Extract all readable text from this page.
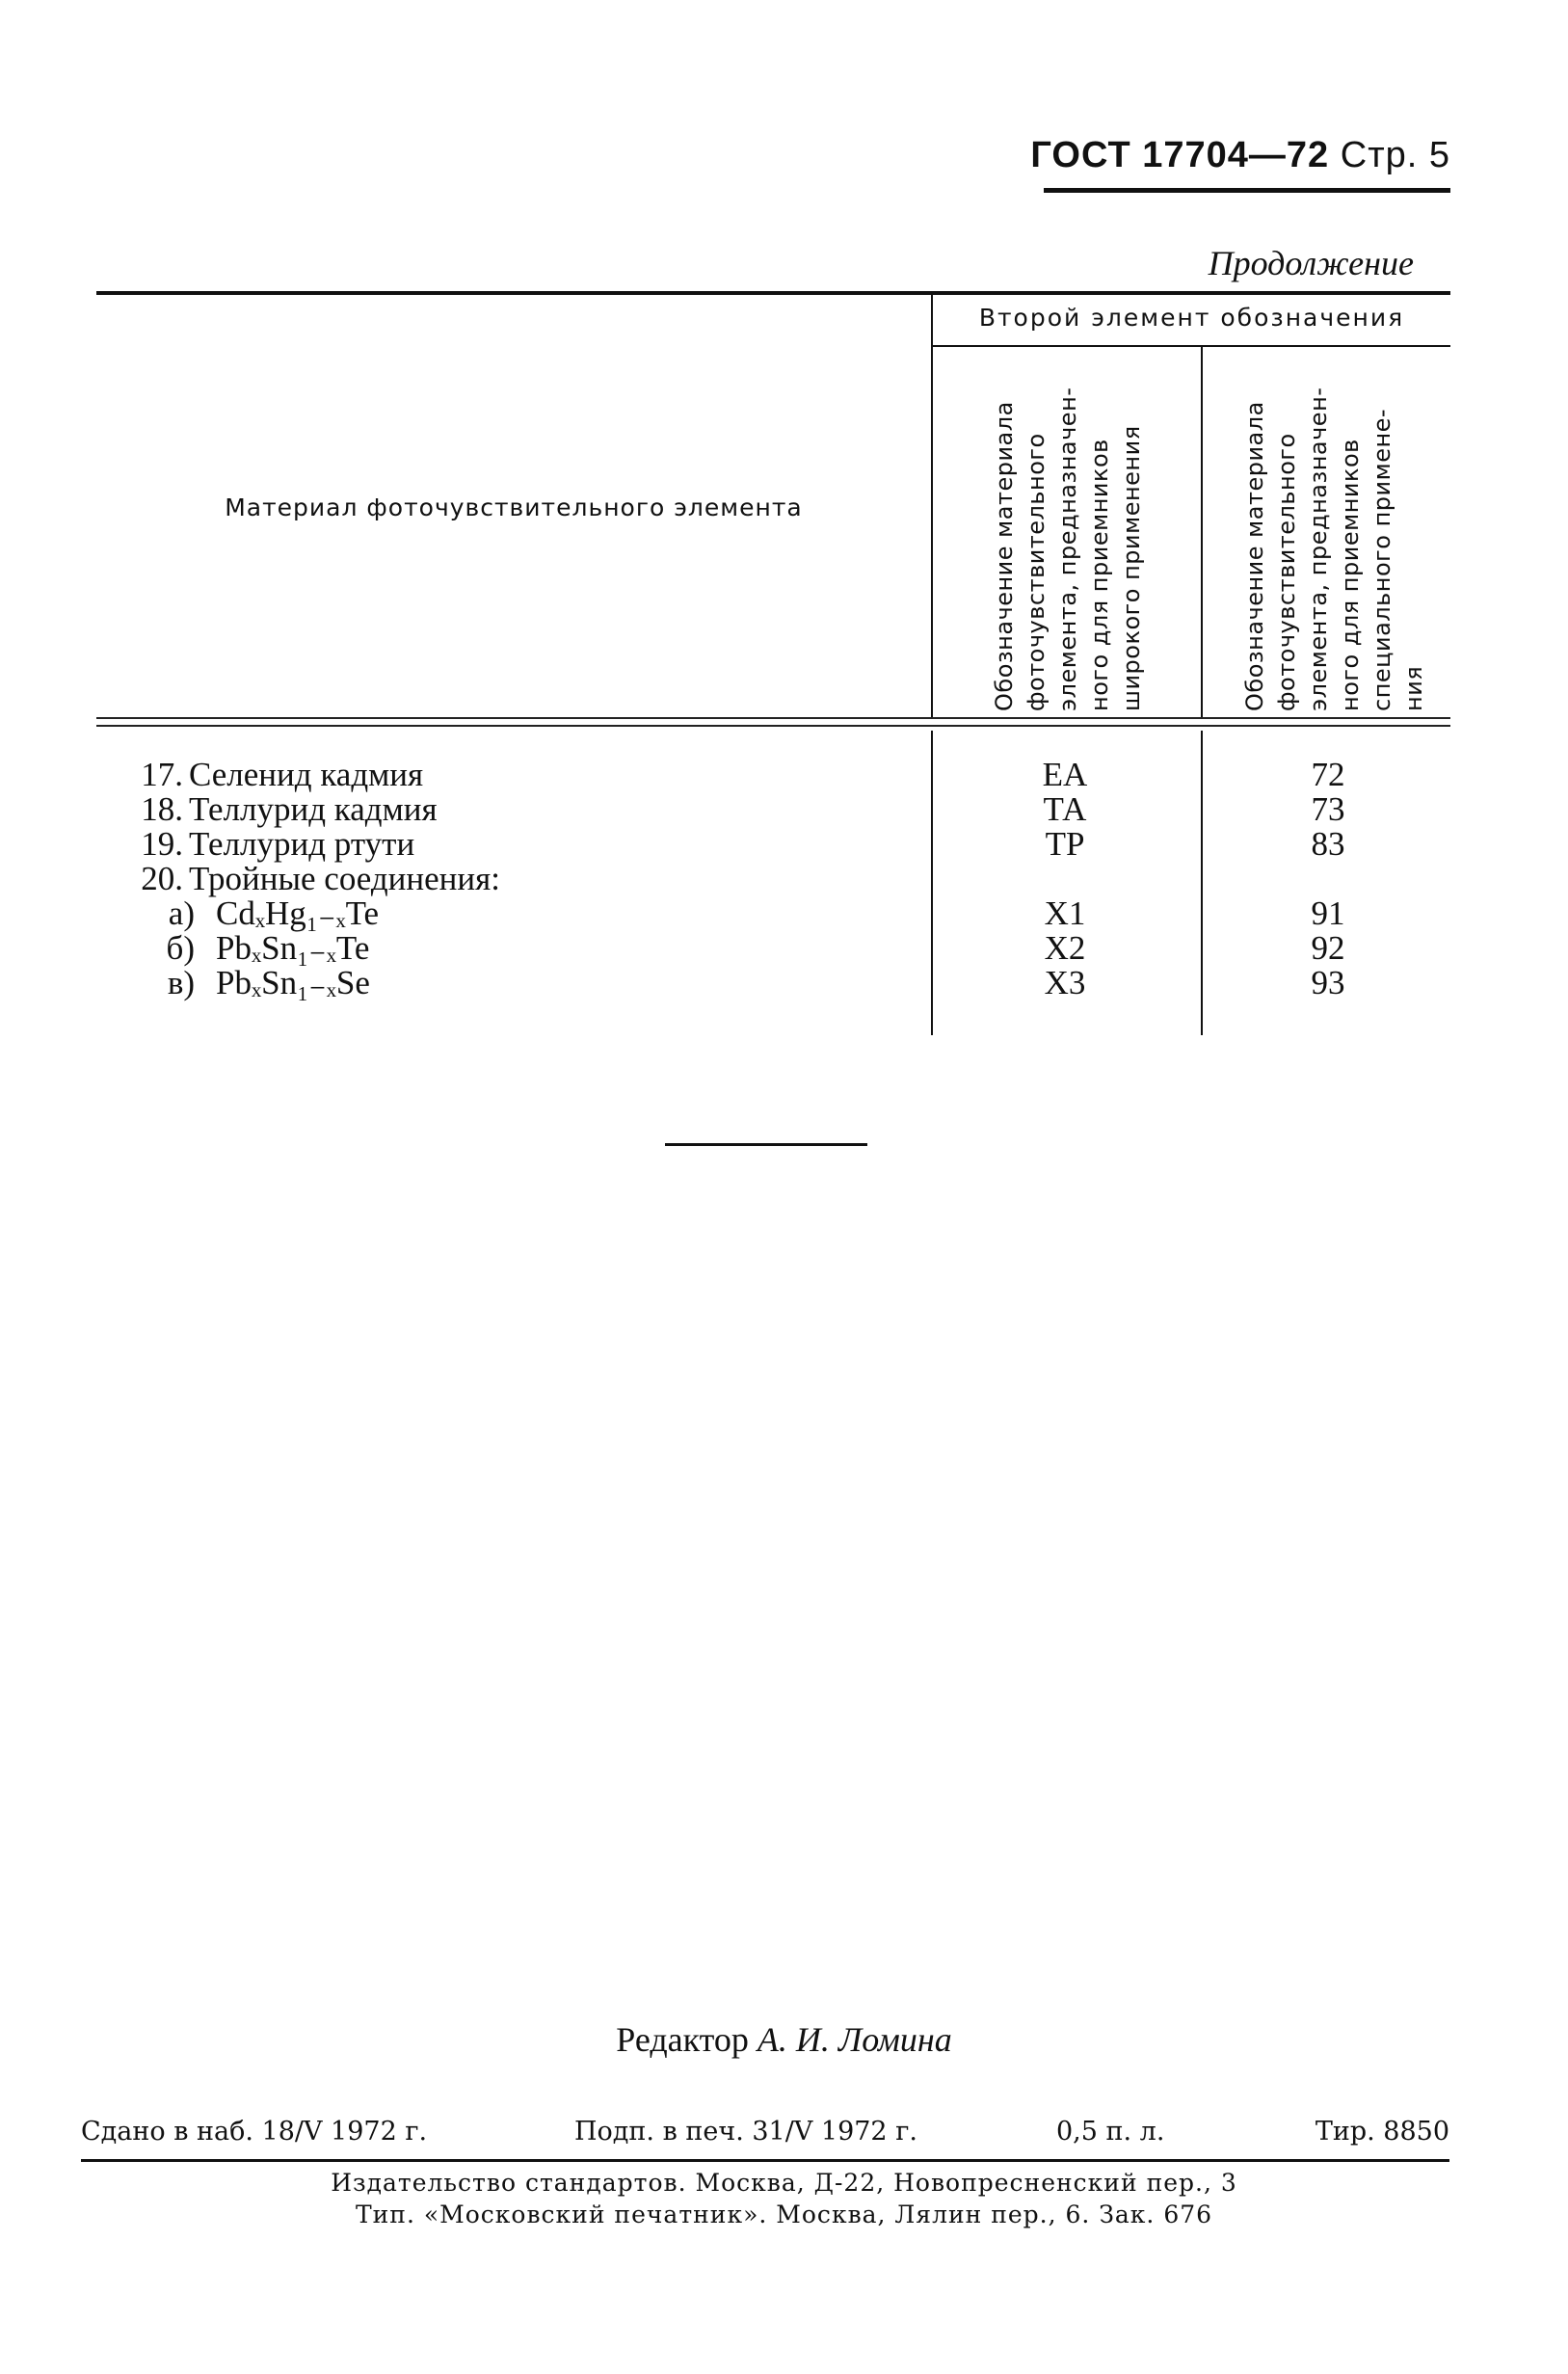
ГОСТ 17704—72 Стр. 5
Продолжение
Второй элемент обозначения
Материал фоточувствительного элемента	Обозначение материала фоточувствительного элемента, предназначен- ного для приемников широкого применения	Обозначение материала фоточувствительного элемента, предназначен- ного для приемников специального примене- ния
17. Селенид кадмия	ЕА	72
18. Теллурид кадмия	ТА	73
19. Теллурид ртути	ТР	83
20. Тройные соединения:
а) CdₓHg₁₋ₓTe	X1	91
б) PbₓSn₁₋ₓTe	X2	92
в) PbₓSn₁₋ₓSe	X3	93
Редактор А. И. Ломина
Сдано в наб. 18/V 1972 г.	Подп. в печ. 31/V 1972 г.	0,5 п. л.	Тир. 8850
Издательство стандартов. Москва, Д-22, Новопресненский пер., 3
Тип. «Московский печатник». Москва, Лялин пер., 6. Зак. 676
